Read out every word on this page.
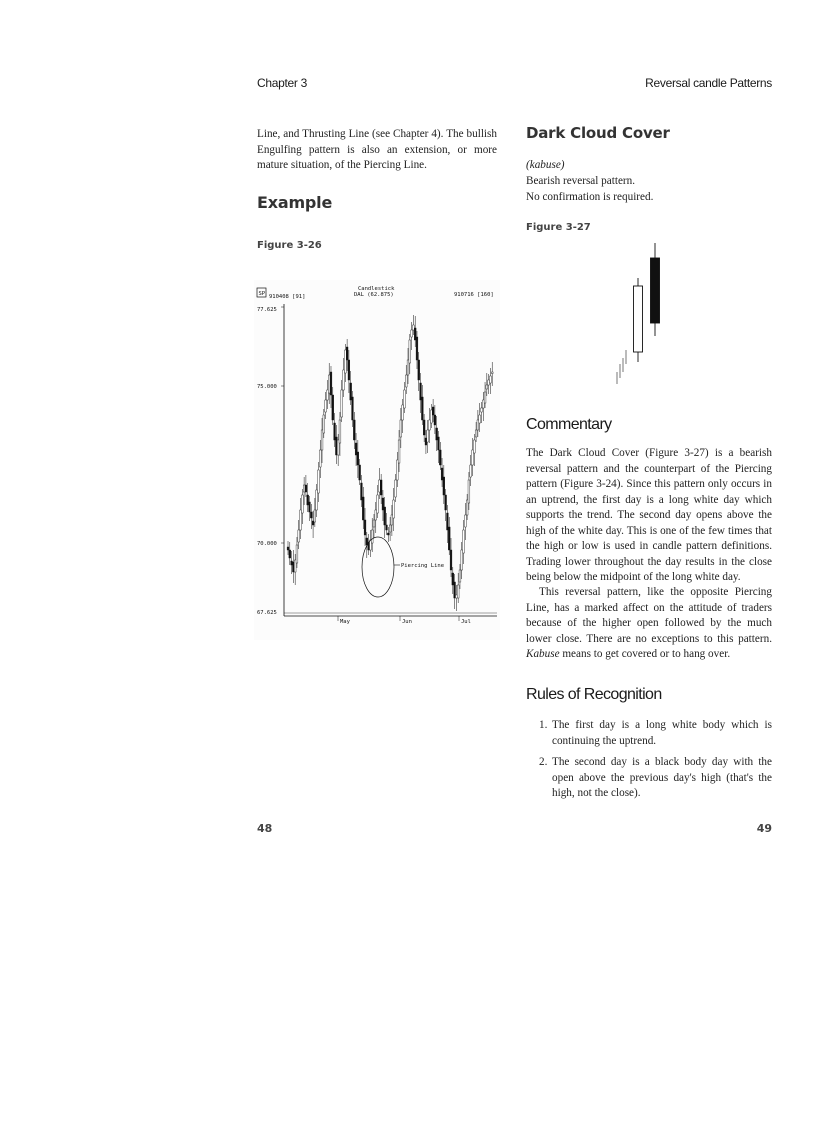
Chapter 3	Reversal candle Patterns
Line, and Thrusting Line (see Chapter 4). The bullish Engulfing pattern is also an extension, or more mature situation, of the Piercing Line.
Example
Figure 3-26
SP 910408 [91]
Candlestick
DAL (62.875)	910716 [160]
77.625
75.000
70.000
67.625
May	Jun	Jul
Piercing Line
48
Dark Cloud Cover
(kabuse)
Bearish reversal pattern.
No confirmation is required.
Figure 3-27
Commentary
The Dark Cloud Cover (Figure 3-27) is a bearish reversal pattern and the counterpart of the Piercing pattern (Figure 3-24). Since this pattern only occurs in an uptrend, the first day is a long white day which supports the trend. The second day opens above the high of the white day. This is one of the few times that the high or low is used in candle pattern definitions. Trading lower throughout the day results in the close being below the midpoint of the long white day.
This reversal pattern, like the opposite Piercing Line, has a marked affect on the attitude of traders because of the higher open followed by the much lower close. There are no exceptions to this pattern. Kabuse means to get covered or to hang over.
Rules of Recognition
1. The first day is a long white body which is continuing the uptrend.
2. The second day is a black body day with the open above the previous day's high (that's the high, not the close).
49
